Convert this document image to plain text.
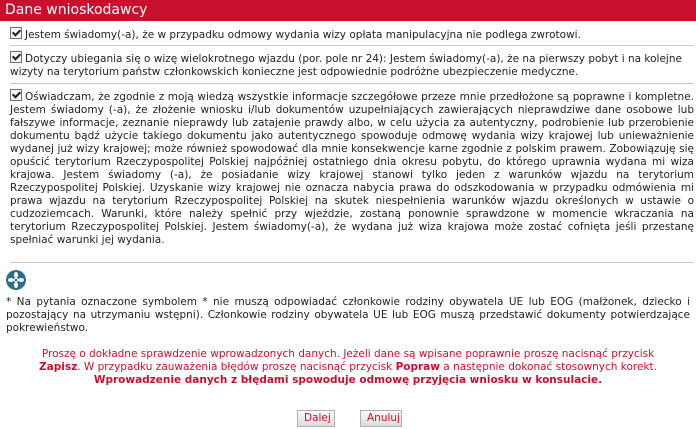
Dane wnioskodawcy
Jestem świadomy(-a), że w przypadku odmowy wydania wizy opłata manipulacyjna nie podlega zwrotowi.
Dotyczy ubiegania się o wizę wielokrotnego wjazdu (por. pole nr 24): Jestem świadomy(-a), że na pierwszy pobyt i na kolejne wizyty na terytorium państw członkowskich konieczne jest odpowiednie podróżne ubezpieczenie medyczne.
Oświadczam, że zgodnie z moją wiedzą wszystkie informacje szczegółowe przeze mnie przedłożone są poprawne i kompletne. Jestem świadomy (-a), że złożenie wniosku i/lub dokumentów uzupełniających zawierających nieprawdziwe dane osobowe lub fałszywe informacje, zeznanie nieprawdy lub zatajenie prawdy albo, w celu użycia za autentyczny, podrobienie lub przerobienie dokumentu bądź użycie takiego dokumentu jako autentycznego spowoduje odmowę wydania wizy krajowej lub unieważnienie wydanej już wizy krajowej; może również spowodować dla mnie konsekwencje karne zgodnie z polskim prawem. Zobowiązuję się opuścić terytorium Rzeczypospolitej Polskiej najpóźniej ostatniego dnia okresu pobytu, do którego uprawnia wydana mi wiza krajowa. Jestem świadomy (-a), że posiadanie wizy krajowej stanowi tylko jeden z warunków wjazdu na terytorium Rzeczypospolitej Polskiej. Uzyskanie wizy krajowej nie oznacza nabycia prawa do odszkodowania w przypadku odmówienia mi prawa wjazdu na terytorium Rzeczypospolitej Polskiej na skutek niespełnienia warunków wjazdu określonych w ustawie o cudzoziemcach. Warunki, które należy spełnić przy wjeździe, zostaną ponownie sprawdzone w momencie wkraczania na terytorium Rzeczypospolitej Polskiej. Jestem świadomy(-a), że wydana już wiza krajowa może zostać cofnięta jeśli przestanę spełniać warunki jej wydania.
* Na pytania oznaczone symbolem * nie muszą odpowiadać członkowie rodziny obywatela UE lub EOG (małżonek, dziecko i pozostający na utrzymaniu wstępni). Członkowie rodziny obywatela UE lub EOG muszą przedstawić dokumenty potwierdzające pokrewieństwo.
Proszę o dokładne sprawdzenie wprowadzonych danych. Jeżeli dane są wpisane poprawnie proszę nacisnąć przycisk
Zapisz. W przypadku zauważenia błędów proszę nacisnąć przycisk Popraw a następnie dokonać stosownych korekt.
Wprowadzenie danych z błędami spowoduje odmowę przyjęcia wniosku w konsulacie.
Dalej	Anuluj
